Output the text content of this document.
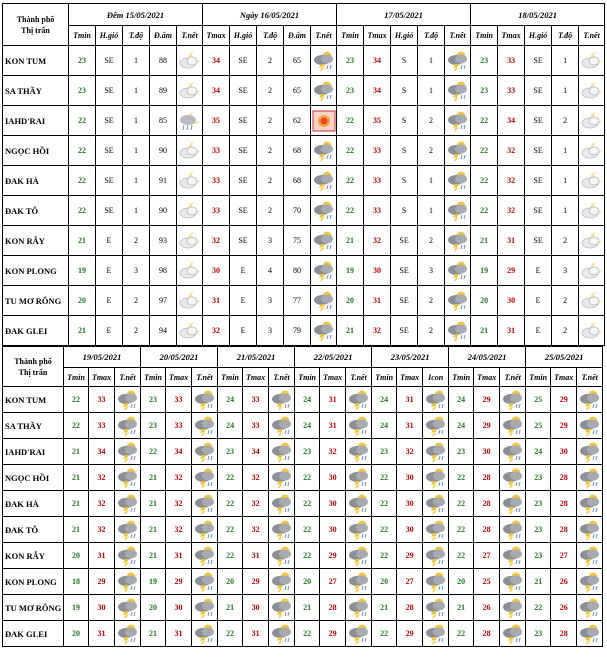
Thành phố
Thị trấn	Đêm 15/05/2021					Ngày 16/05/2021					17/05/2021					18/05/2021				
	Tmin	H.gió	T.độ	Đ.ẩm	T.nết	Tmax	H.gió	T.độ	Đ.ẩm	T.nết	Tmin	Tmax	H.gió	T.độ	T.nết	Tmin	Tmax	H.gió	T.độ	T.nết
KON TUM	23	SE	1	88		34	SE	2	65		23	34	S	1		23	33	SE	1	

SA THẦY	23	SE	1	89		34	SE	2	65		23	34	S	1		23	33	SE	1	

IAHD'RAI	22	SE	1	85		35	SE	2	62		22	35	S	2		22	34	SE	2	

NGỌC HỒI	22	SE	1	90		33	SE	2	68		22	33	S	2		22	32	SE	1	

ĐAK HÀ	22	SE	1	91		33	SE	2	68		22	33	S	1		22	32	SE	1	

ĐAK TÔ	22	SE	1	90		33	SE	2	70		22	33	S	1		22	32	SE	1	

KON RẪY	21	E	2	93		32	SE	3	75		21	32	SE	2		21	31	SE	2	

KON PLONG	19	E	3	98		30	E	4	80		19	30	SE	3		19	29	E	3	

TU MƠ RÔNG	20	E	2	97		31	E	3	77		20	31	SE	2		20	30	E	2	

ĐAK GLEI	21	E	2	94		32	E	3	79		21	32	SE	2		21	31	E	2	
Thành phố
Thị trấn	19/05/2021			20/05/2021			21/05/2021			22/05/2021			23/05/2021			24/05/2021			25/05/2021		
	Tmin	Tmax	T.nết	Tmin	Tmax	T.nết	Tmin	Tmax	T.nết	Tmin	Tmax	T.nết	Tmin	Tmax	Icon	Tmin	Tmax	T.nết	Tmin	Tmax	T.nết
KON TUM	22	33		23	33		24	33		24	31		24	31		24	29		25	29	

SA THẦY	22	33		23	33		24	33		24	31		24	31		24	29		25	29	

IAHD'RAI	21	34		22	34		23	34		23	32		23	32		23	30		24	30	

NGỌC HỒI	21	32		21	32		22	32		22	30		22	30		22	28		23	28	

ĐAK HÀ	21	32		21	32		22	32		22	30		22	30		22	28		23	28	

ĐAK TÔ	21	32		21	32		22	32		22	30		22	30		22	28		23	28	

KON RẪY	20	31		21	31		22	31		22	29		22	29		22	27		23	27	

KON PLONG	18	29		19	29		20	29		20	27		20	27		20	25		21	26	

TU MƠ RÔNG	19	30		20	30		21	30		21	28		21	28		21	26		22	26	

ĐAK GLEI	20	31		21	31		22	31		22	29		22	29		22	28		23	28	
